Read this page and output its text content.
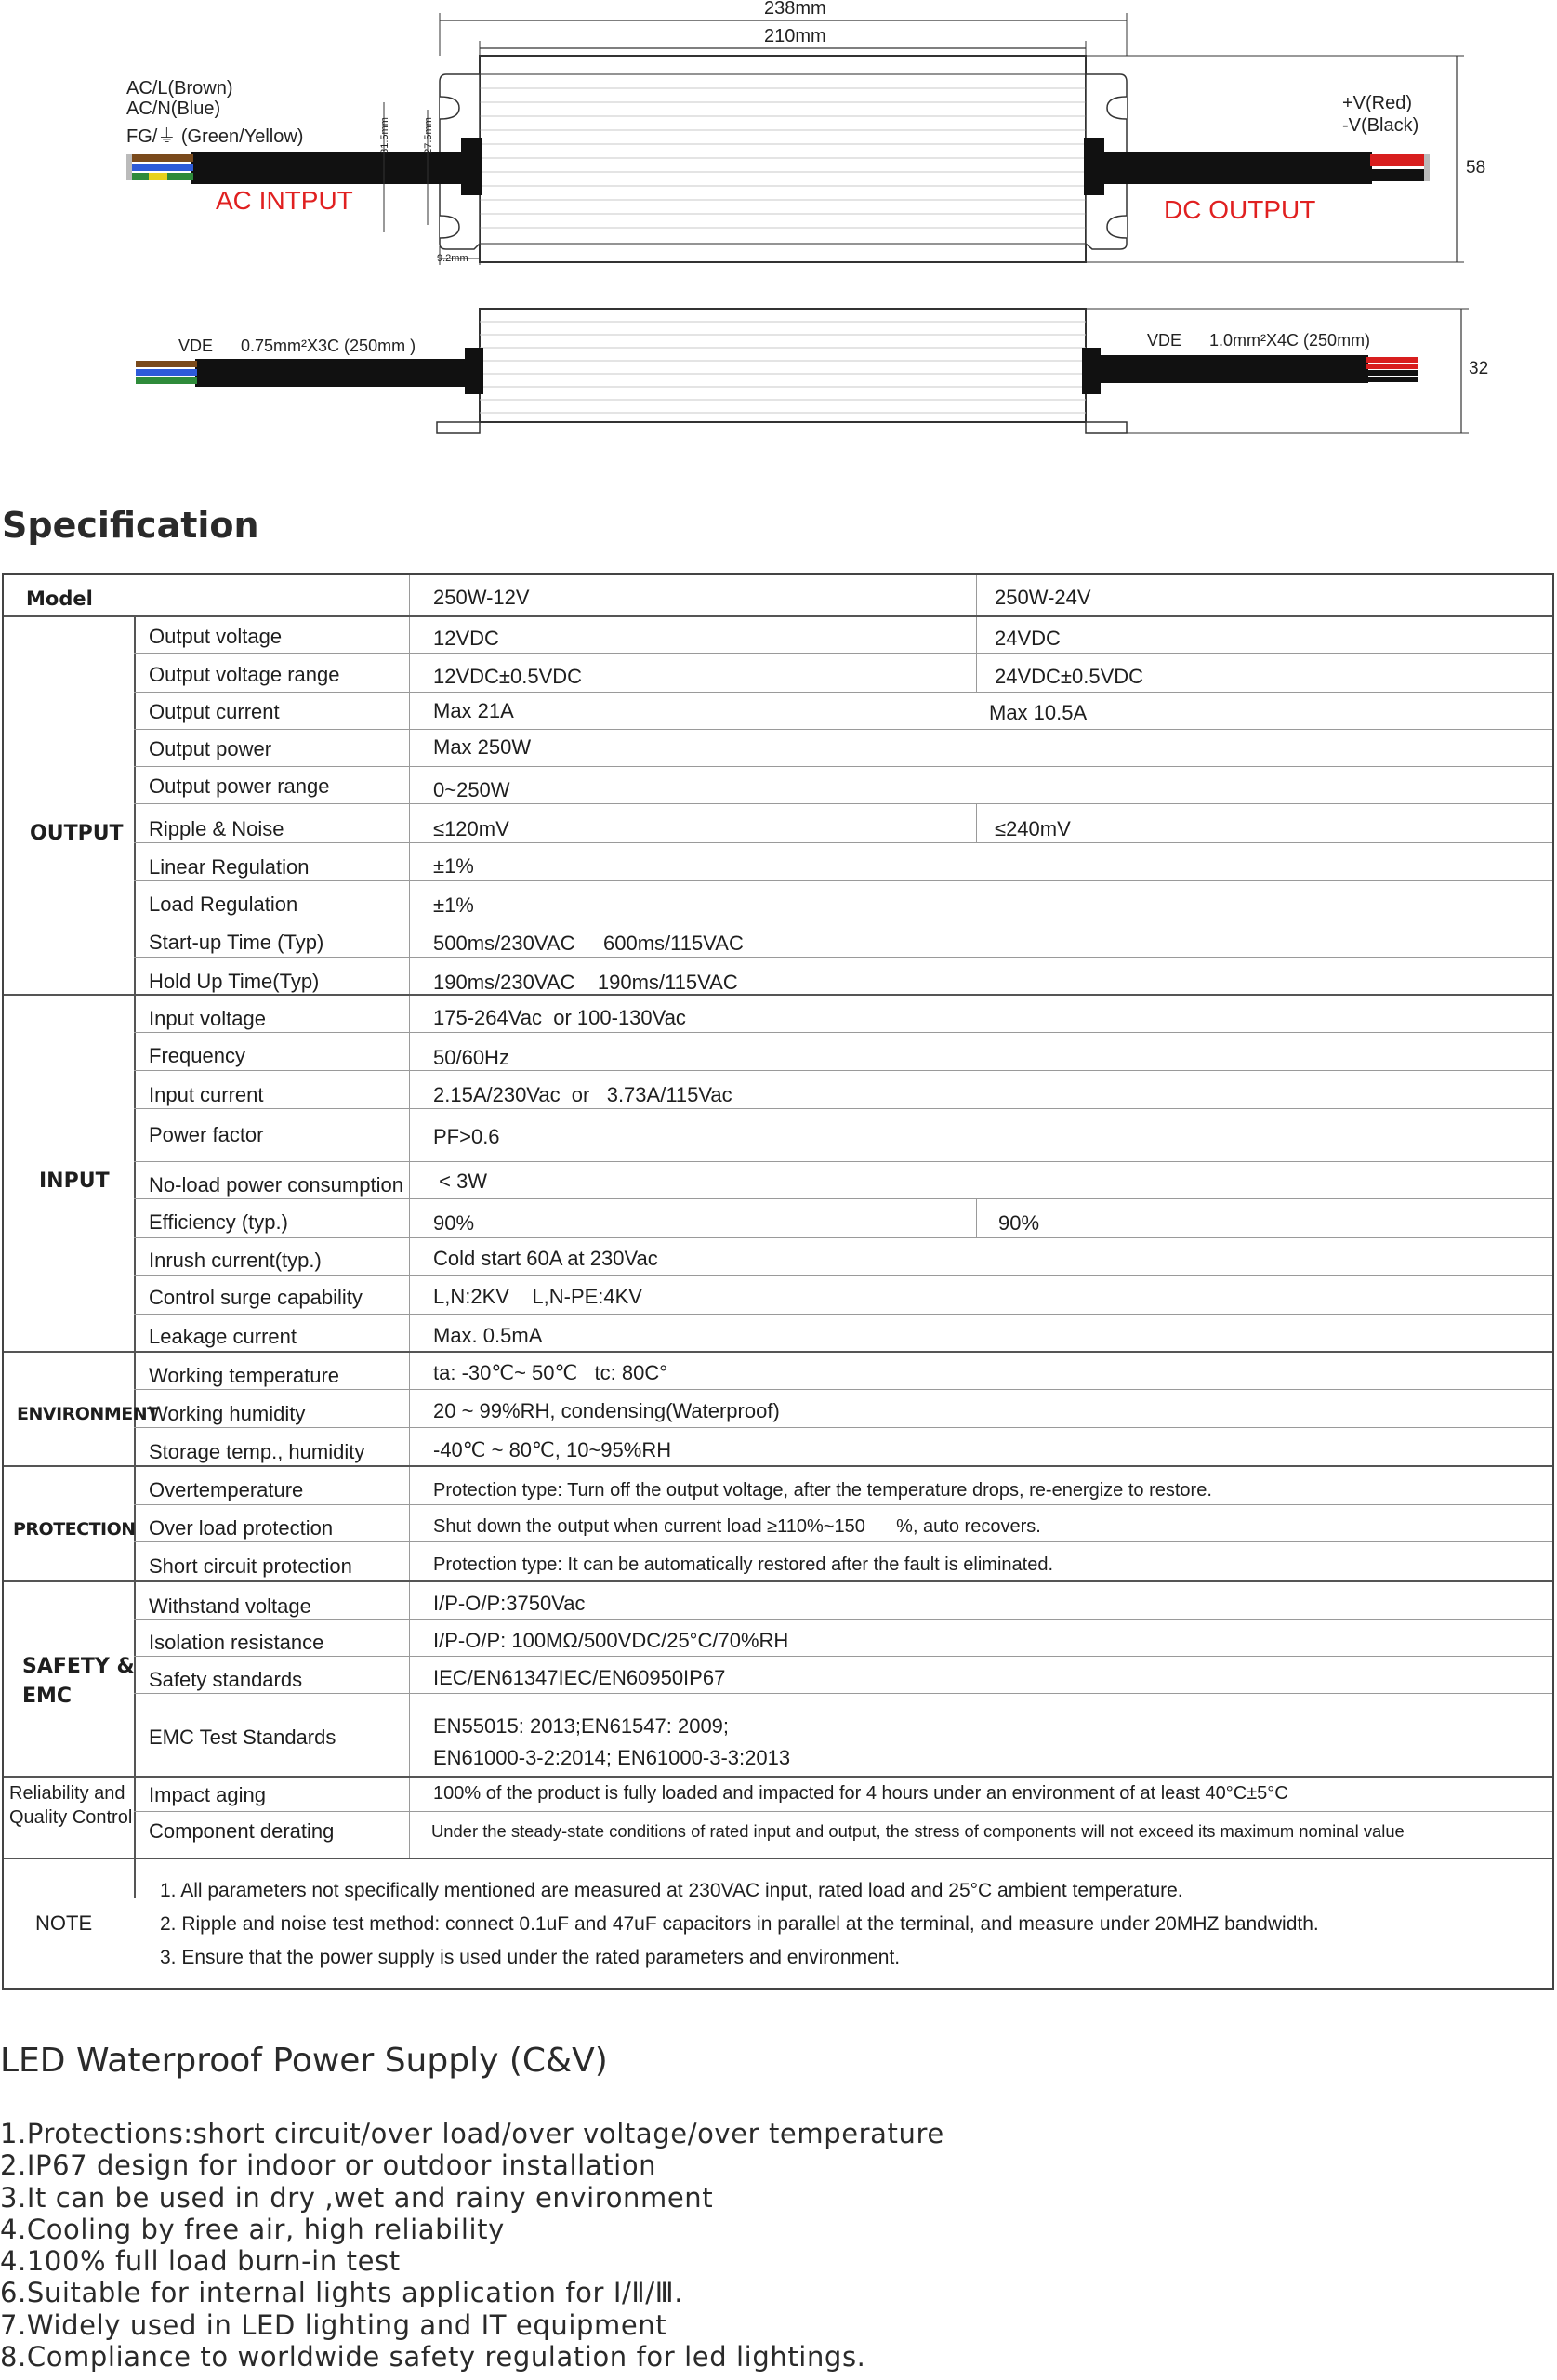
238mm
210mm
31.5mm	27.5mm
9.2mm
58
32
AC/L(Brown)
AC/N(Blue)
FG/⏚ (Green/Yellow)
AC INTPUT
+V(Red)
-V(Black)
DC OUTPUT
VDE      0.75mm²X3C (250mm )	VDE      1.0mm²X4C (250mm)
Specification
Model	250W-12V	250W-24V
OUTPUT
Output voltage	12VDC	24VDC
Output voltage range	12VDC±0.5VDC	24VDC±0.5VDC
Output current	Max 21A	Max 10.5A
Output power	Max 250W
Output power range	0~250W
Ripple & Noise	≤120mV	≤240mV
Linear Regulation	±1%
Load Regulation	±1%
Start-up Time (Typ)	500ms/230VAC     600ms/115VAC
Hold Up Time(Typ)	190ms/230VAC    190ms/115VAC
INPUT
Input voltage	175-264Vac  or 100-130Vac
Frequency	50/60Hz
Input current	2.15A/230Vac  or   3.73A/115Vac
Power factor	PF>0.6
No-load power consumption < 3W
Efficiency (typ.)	90%	90%
Inrush current(typ.)	Cold start 60A at 230Vac
Control surge capability	L,N:2KV    L,N-PE:4KV
Leakage current	Max. 0.5mA
ENVIRONMENT
Working temperature	ta: -30℃~ 50℃   tc: 80C°
Working humidity	20 ~ 99%RH, condensing(Waterproof)
Storage temp., humidity	-40℃ ~ 80℃, 10~95%RH
PROTECTION
Overtemperature	Protection type: Turn off the output voltage, after the temperature drops, re-energize to restore.
Over load protection	Shut down the output when current load ≥110%~150      %, auto recovers.
Short circuit protection	Protection type: It can be automatically restored after the fault is eliminated.
SAFETY &
EMC
Withstand voltage	I/P-O/P:3750Vac
Isolation resistance	I/P-O/P: 100MΩ/500VDC/25°C/70%RH
Safety standards	IEC/EN61347IEC/EN60950IP67
EMC Test Standards	EN55015: 2013;EN61547: 2009;
EN61000-3-2:2014; EN61000-3-3:2013
Reliability and
Quality Control
Impact aging	100% of the product is fully loaded and impacted for 4 hours under an environment of at least 40°C±5°C
Component derating	Under the steady-state conditions of rated input and output, the stress of components will not exceed its maximum nominal value
NOTE
1. All parameters not specifically mentioned are measured at 230VAC input, rated load and 25°C ambient temperature.
2. Ripple and noise test method: connect 0.1uF and 47uF capacitors in parallel at the terminal, and measure under 20MHZ bandwidth.
3. Ensure that the power supply is used under the rated parameters and environment.
LED Waterproof Power Supply (C&V)
1.Protections:short circuit/over load/over voltage/over temperature
2.IP67 design for indoor or outdoor installation
3.It can be used in dry ,wet and rainy environment
4.Cooling by free air, high reliability
4.100% full load burn-in test
6.Suitable for internal lights application for Ⅰ/Ⅱ/Ⅲ.
7.Widely used in LED lighting and IT equipment
8.Compliance to worldwide safety regulation for led lightings.
